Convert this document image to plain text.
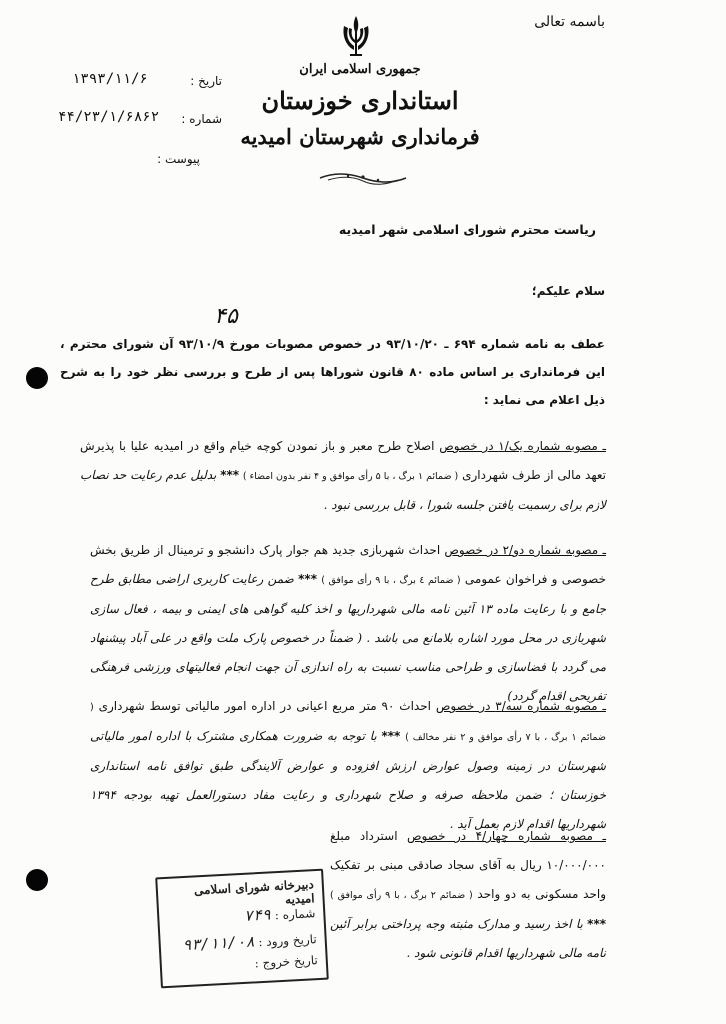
باسمه تعالی
جمهوری اسلامی ایران
استانداری خوزستان
فرمانداری شهرستان امیدیه
تاریخ :
۱۳۹۳/۱۱/۶
شماره :
۴۴/۲۳/۱/۶۸۶۲
پیوست :
ریاست محترم شورای اسلامی شهر امیدیه
سلام علیکم؛
۴۵
عطف به نامه شماره ۶۹۴ ـ ۹۳/۱۰/۲۰ در خصوص مصوبات مورخ ۹۳/۱۰/۹ آن شورای محترم ، این فرمانداری بر اساس ماده ۸۰ قانون شوراها پس از طرح و بررسی نظر خود را به شرح ذیل اعلام می نماید :
ـ مصوبه شماره یک/۱ در خصوص اصلاح طرح معبر و باز نمودن کوچه خیام واقع در امیدیه علیا با پذیرش تعهد مالی از طرف شهرداری ( ضمائم ۱ برگ ، با ۵ رأی موافق و ۴ نفر بدون امضاء ) *** بدلیل عدم رعایت حد نصاب لازم برای رسمیت یافتن جلسه شورا ، قابل بررسی نبود .
ـ مصوبه شماره دو/۲ در خصوص احداث شهربازی جدید هم جوار پارک دانشجو و ترمینال از طریق بخش خصوصی و فراخوان عمومی ( ضمائم ٤ برگ ، با ۹ رأی موافق ) *** ضمن رعایت کاربری اراضی مطابق طرح جامع و با رعایت ماده ۱۳ آئین نامه مالی شهرداریها و اخذ کلیه گواهی های ایمنی و بیمه ، فعال سازی شهربازی در محل مورد اشاره بلامانع می باشد . ( ضمناً در خصوص پارک ملت واقع در علی آباد پیشنهاد می گردد با فضاسازی و طراحی مناسب نسبت به راه اندازی آن جهت انجام فعالیتهای ورزشی فرهنگی تفریحی اقدام گردد)
ـ مصوبه شماره سه/۳ در خصوص احداث ۹۰ متر مربع اعیانی در اداره امور مالیاتی توسط شهرداری ( ضمائم ۱ برگ ، با ۷ رأی موافق و ۲ نفر مخالف ) *** با توجه به ضرورت همکاری مشترک با اداره امور مالیاتی شهرستان در زمینه وصول عوارض ارزش افزوده و عوارض آلایندگی طبق توافق نامه استانداری خوزستان ؛ ضمن ملاحظه صرفه و صلاح شهرداری و رعایت مفاد دستورالعمل تهیه بودجه ۱۳۹۴ شهرداریها اقدام لازم بعمل آید .
ـ مصوبه شماره چهار/۴ در خصوص استرداد مبلغ ۱۰/۰۰۰/۰۰۰ ریال به آقای سجاد صادقی مبنی بر تفکیک واحد مسکونی به دو واحد ( ضمائم ۲ برگ ، با ۹ رأی موافق ) *** با اخذ رسید و مدارک مثبته وجه پرداختی برابر آئین نامه مالی شهرداریها اقدام قانونی شود .
دبیرخانه شورای اسلامی امیدیه
شماره : ۷۴۹
تاریخ ورود : ۹۳/۱۱/۰۸
تاریخ خروج :
